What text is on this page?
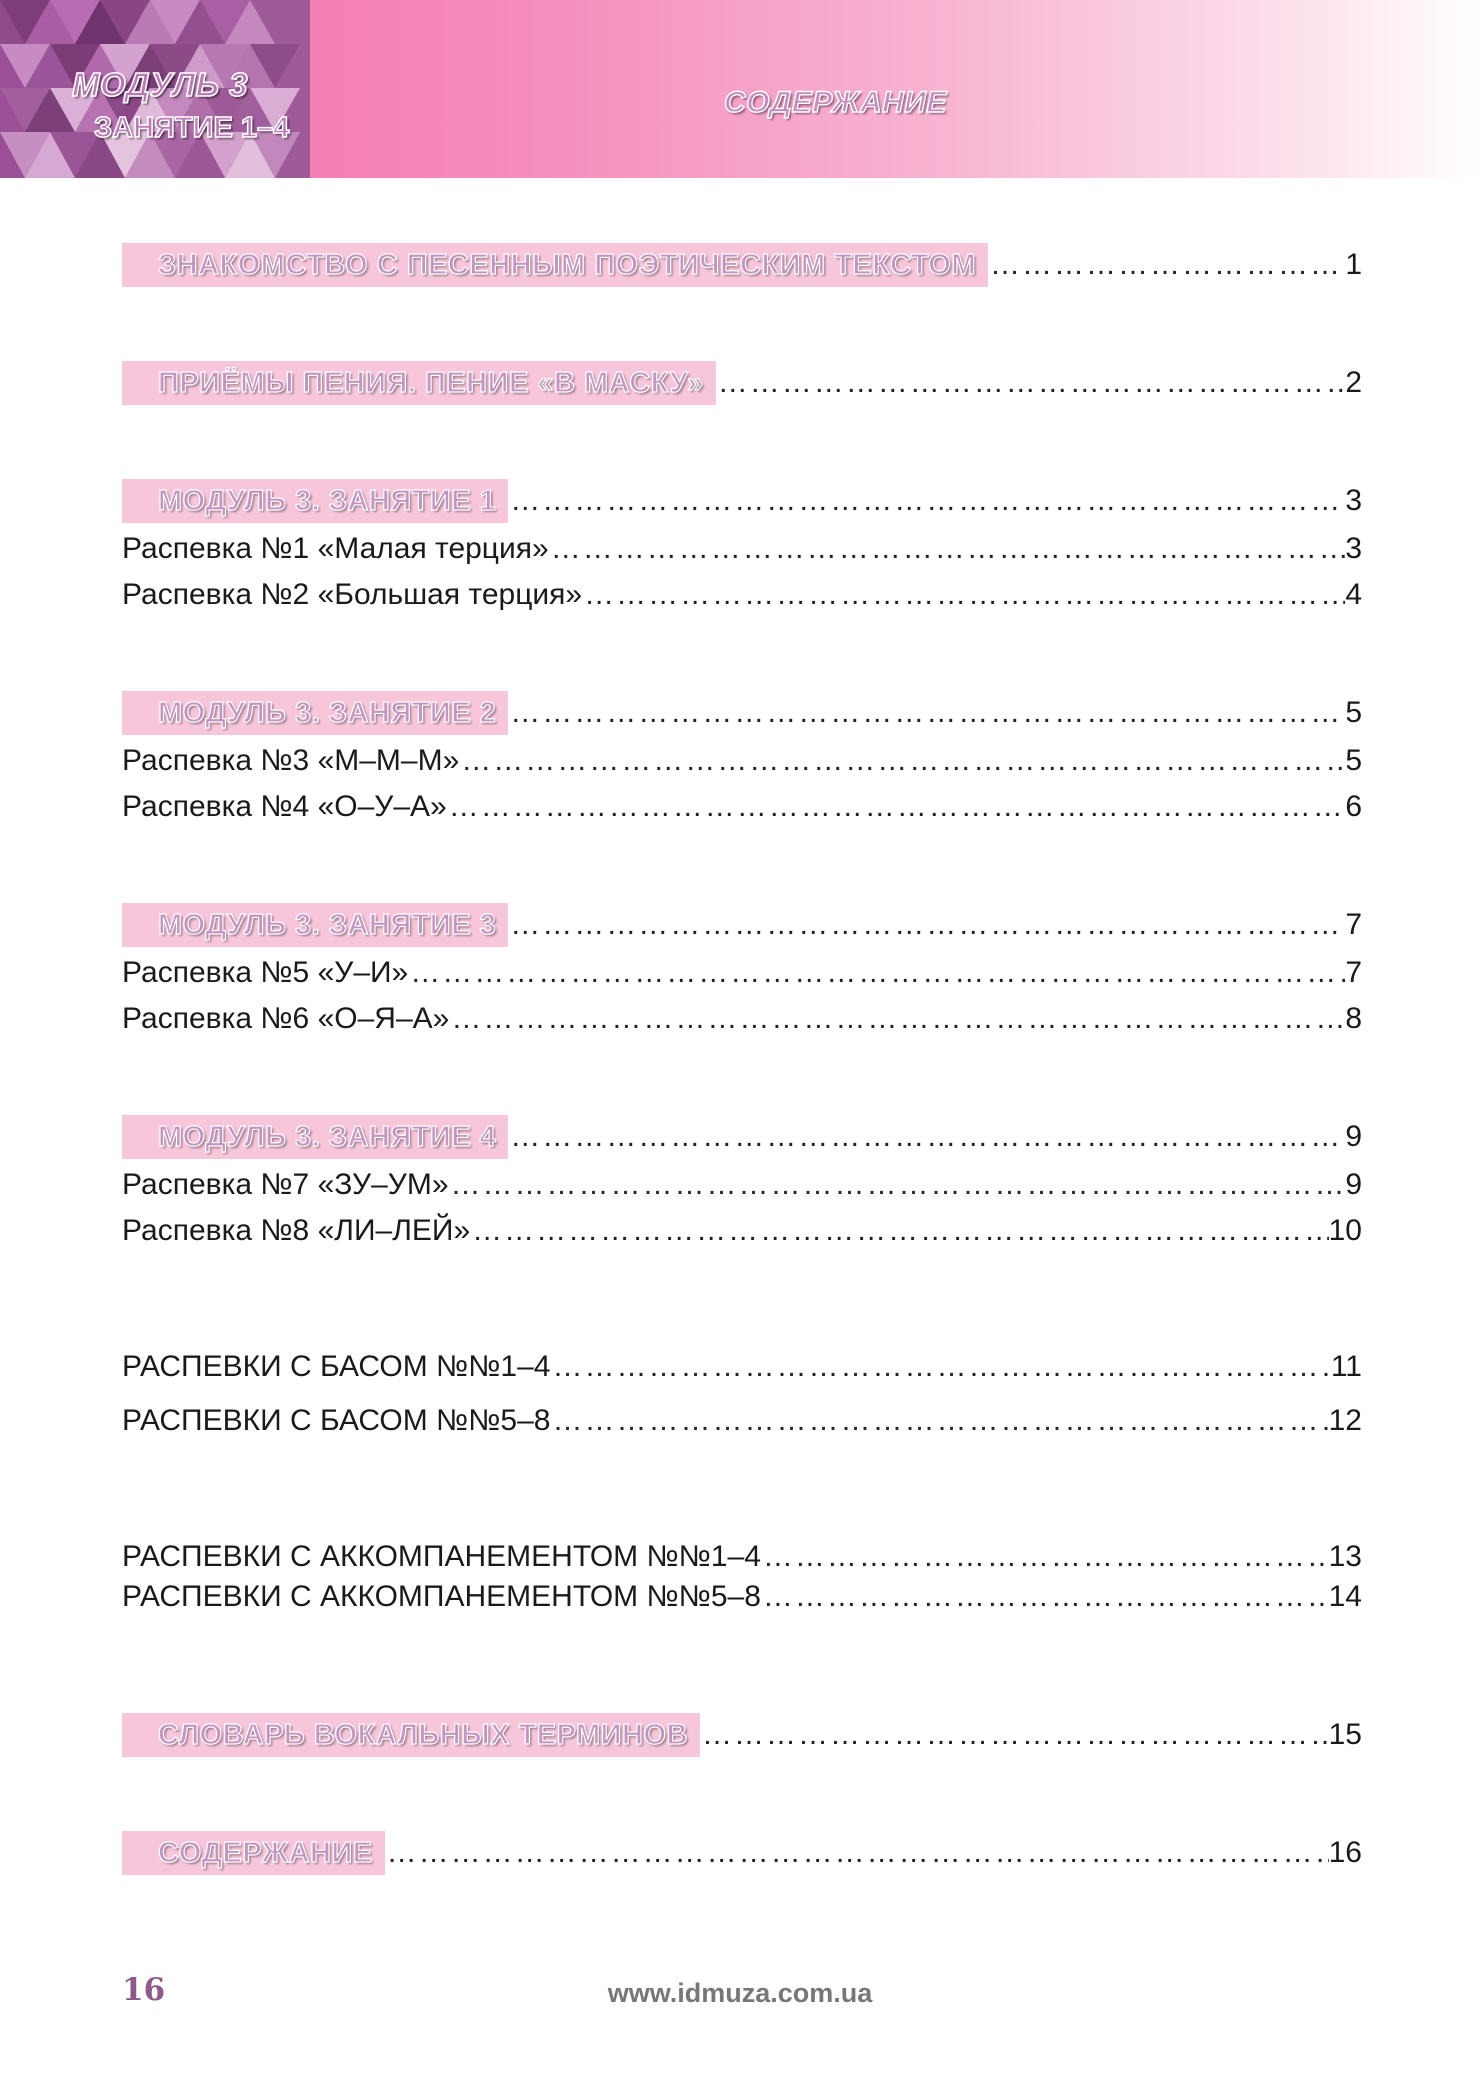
МОДУЛЬ 3
ЗАНЯТИЕ 1–4
СОДЕРЖАНИЕ
ЗНАКОМСТВО С ПЕСЕННЫМ ПОЭТИЧЕСКИМ ТЕКСТОМ ………………………………………………………………………………………………………………………………………………………………	1
ПРИЁМЫ ПЕНИЯ. ПЕНИЕ «В МАСКУ» ………………………………………………………………………………………………………………………………………………………………	2
МОДУЛЬ 3. ЗАНЯТИЕ 1 ………………………………………………………………………………………………………………………………………………………………	3
Распевка №1 «Малая терция» ………………………………………………………………………………………………………………………………………………………………	3
Распевка №2 «Большая терция» ………………………………………………………………………………………………………………………………………………………………	4
МОДУЛЬ 3. ЗАНЯТИЕ 2 ………………………………………………………………………………………………………………………………………………………………	5
Распевка №3 «М–М–М» ………………………………………………………………………………………………………………………………………………………………	5
Распевка №4 «О–У–А» ………………………………………………………………………………………………………………………………………………………………	6
МОДУЛЬ 3. ЗАНЯТИЕ 3 ………………………………………………………………………………………………………………………………………………………………	7
Распевка №5 «У–И» ………………………………………………………………………………………………………………………………………………………………	7
Распевка №6 «О–Я–А» ………………………………………………………………………………………………………………………………………………………………	8
МОДУЛЬ 3. ЗАНЯТИЕ 4 ………………………………………………………………………………………………………………………………………………………………	9
Распевка №7 «ЗУ–УМ» ………………………………………………………………………………………………………………………………………………………………	9
Распевка №8 «ЛИ–ЛЕЙ» ………………………………………………………………………………………………………………………………………………………………	10
РАСПЕВКИ С БАСОМ №№1–4 ………………………………………………………………………………………………………………………………………………………………	11
РАСПЕВКИ С БАСОМ №№5–8 ………………………………………………………………………………………………………………………………………………………………	12
РАСПЕВКИ С АККОМПАНЕМЕНТОМ №№1–4 ………………………………………………………………………………………………………………………………………………………………	13
РАСПЕВКИ С АККОМПАНЕМЕНТОМ №№5–8 ………………………………………………………………………………………………………………………………………………………………	14
СЛОВАРЬ ВОКАЛЬНЫХ ТЕРМИНОВ ………………………………………………………………………………………………………………………………………………………………	15
СОДЕРЖАНИЕ ………………………………………………………………………………………………………………………………………………………………	16
16	www.idmuza.com.ua
